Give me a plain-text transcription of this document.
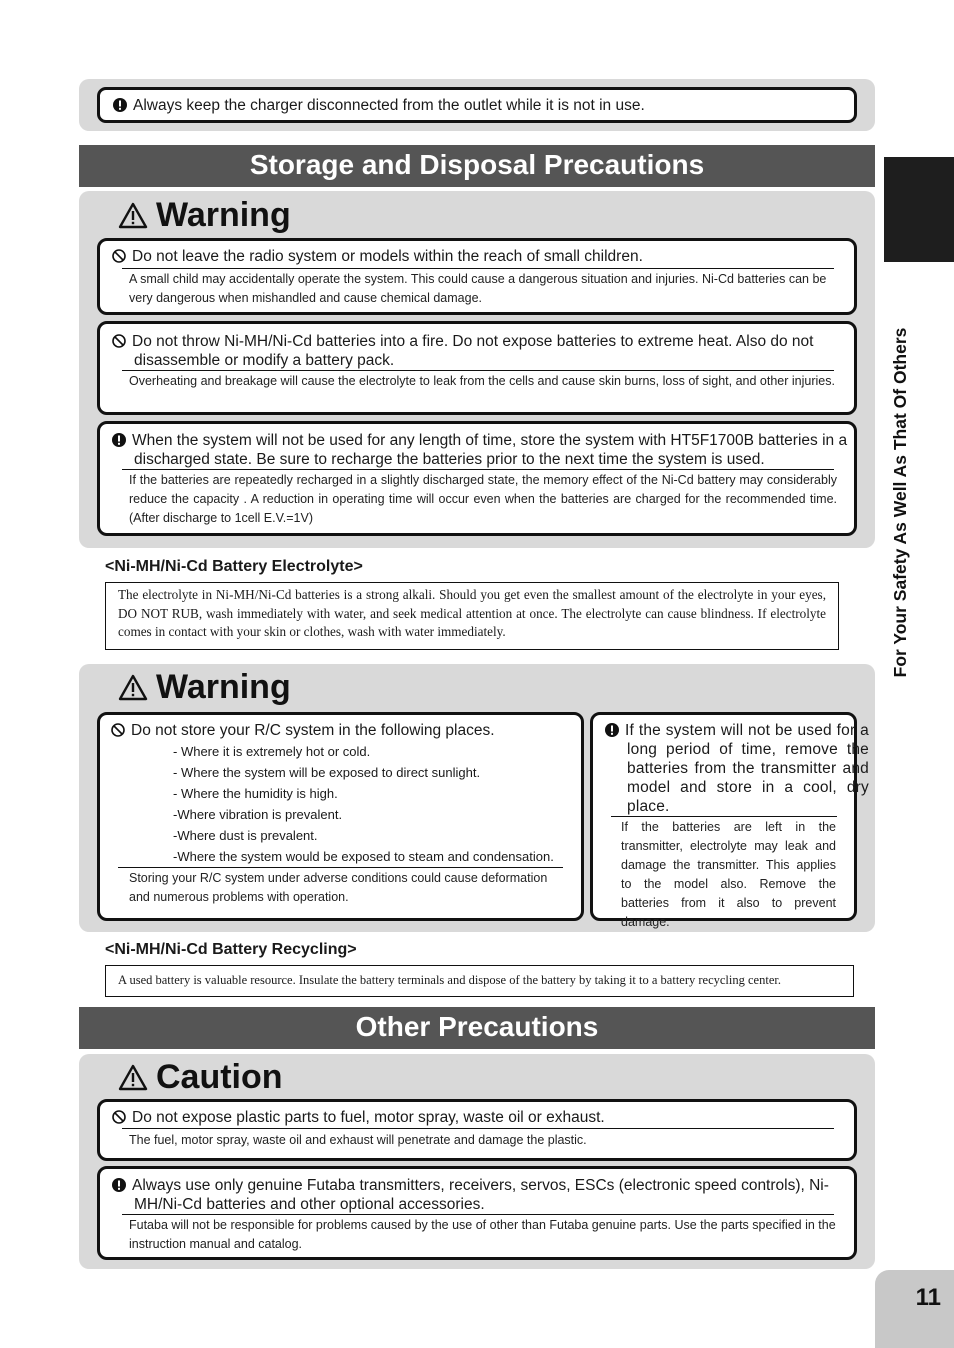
Always keep the charger disconnected from the outlet while it is not in use.
Storage and Disposal Precautions
Warning
Do not leave the radio system or models within the reach of small children.
A small child may accidentally operate the system. This could cause a dangerous situation and injuries. Ni-Cd batteries can be very dangerous when mishandled and cause chemical damage.
Do not throw Ni-MH/Ni-Cd batteries into a fire. Do not expose batteries to extreme heat. Also do not disassemble or modify a battery pack.
Overheating and breakage will cause the electrolyte to leak from the cells and cause skin burns, loss of sight, and other injuries.
When the system will not be used for any length of time, store the system with HT5F1700B batteries in a discharged state. Be sure to recharge the batteries prior to the next time the system is used.
If the batteries are repeatedly recharged in a slightly discharged state, the memory effect of the Ni-Cd battery may considerably reduce the capacity . A reduction in operating time will occur even when the batteries are charged for the recommended time. (After discharge to 1cell E.V.=1V)
<Ni-MH/Ni-Cd Battery Electrolyte>
The electrolyte in Ni-MH/Ni-Cd batteries is a strong alkali. Should you get even the smallest amount of the electrolyte in your eyes, DO NOT RUB, wash immediately with water, and seek medical attention at once. The electrolyte can cause blindness. If electrolyte comes in contact with your skin or clothes, wash with water immediately.
Warning
Do not store your R/C system in the following places.
- Where it is extremely hot or cold.
- Where the system will be exposed to direct sunlight.
- Where the humidity is high.
-Where vibration is prevalent.
-Where dust is prevalent.
-Where the system would be exposed to steam and condensation.
Storing your R/C system under adverse conditions could cause deformation and numerous problems with operation.
If the system will not be used for a long period of time, remove the batteries from the transmitter and model and store in a cool, dry place.
If the batteries are left in the transmitter, electrolyte may leak and damage the transmitter. This applies to the model also. Remove the batteries from it also to prevent damage.
<Ni-MH/Ni-Cd Battery Recycling>
A used battery is valuable resource. Insulate the battery terminals and dispose of the battery by taking it to a battery recycling center.
Other Precautions
Caution
Do not expose plastic parts to fuel, motor spray, waste oil or exhaust.
The fuel, motor spray, waste oil and exhaust will penetrate and damage the plastic.
Always use only genuine Futaba transmitters, receivers, servos, ESCs (electronic speed controls), Ni-MH/Ni-Cd batteries and other optional accessories.
Futaba will not be responsible for problems caused by the use of other than Futaba genuine parts. Use the parts specified in the instruction manual and catalog.
For Your Safety As Well As That Of Others
11
